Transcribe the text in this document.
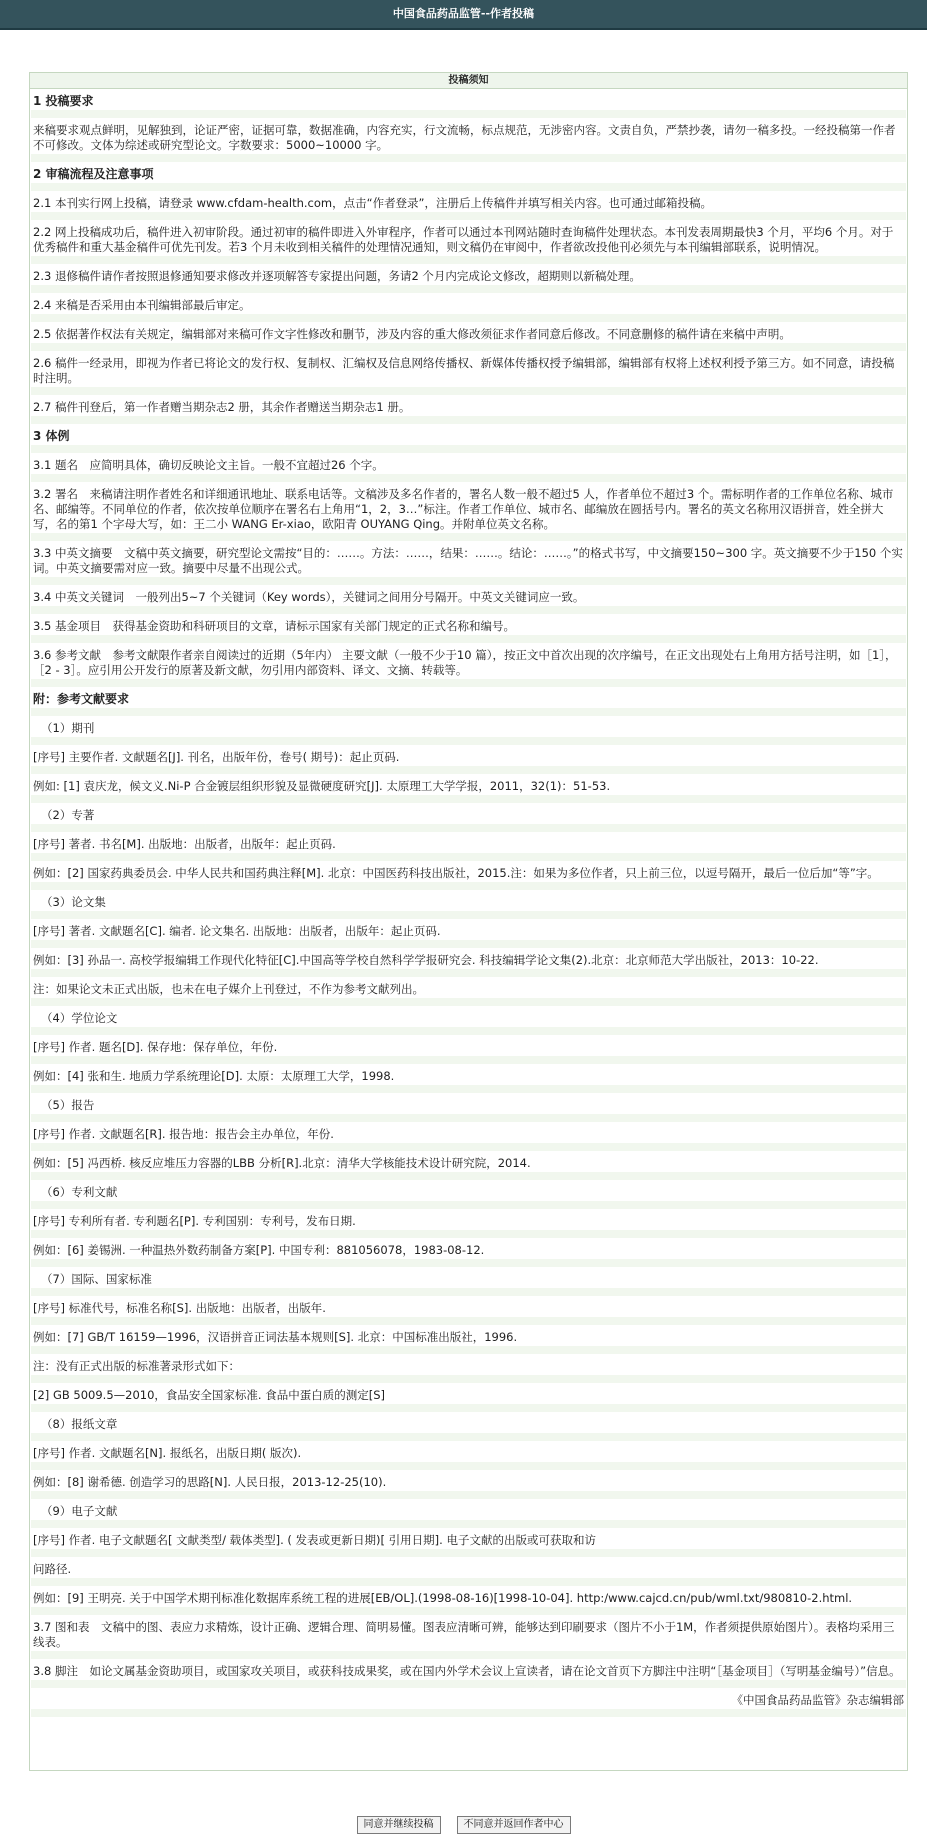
中国食品药品监管--作者投稿
投稿须知
1 投稿要求
来稿要求观点鲜明，见解独到，论证严密，证据可靠，数据准确，内容充实，行文流畅，标点规范，无涉密内容。文责自负，严禁抄袭，请勿一稿多投。一经投稿第一作者不可修改。文体为综述或研究型论文。字数要求：5000~10000 字。
2 审稿流程及注意事项
2.1 本刊实行网上投稿，请登录 www.cfdam-health.com，点击“作者登录”，注册后上传稿件并填写相关内容。也可通过邮箱投稿。
2.2 网上投稿成功后，稿件进入初审阶段。通过初审的稿件即进入外审程序，作者可以通过本刊网站随时查询稿件处理状态。本刊发表周期最快3 个月，平均6 个月。对于优秀稿件和重大基金稿件可优先刊发。若3 个月未收到相关稿件的处理情况通知，则文稿仍在审阅中，作者欲改投他刊必须先与本刊编辑部联系，说明情况。
2.3 退修稿件请作者按照退修通知要求修改并逐项解答专家提出问题，务请2 个月内完成论文修改，超期则以新稿处理。
2.4 来稿是否采用由本刊编辑部最后审定。
2.5 依据著作权法有关规定，编辑部对来稿可作文字性修改和删节，涉及内容的重大修改须征求作者同意后修改。不同意删修的稿件请在来稿中声明。
2.6 稿件一经录用，即视为作者已将论文的发行权、复制权、汇编权及信息网络传播权、新媒体传播权授予编辑部，编辑部有权将上述权利授予第三方。如不同意，请投稿时注明。
2.7 稿件刊登后，第一作者赠当期杂志2 册，其余作者赠送当期杂志1 册。
3 体例
3.1 题名　应简明具体，确切反映论文主旨。一般不宜超过26 个字。
3.2 署名　来稿请注明作者姓名和详细通讯地址、联系电话等。文稿涉及多名作者的，署名人数一般不超过5 人，作者单位不超过3 个。需标明作者的工作单位名称、城市名、邮编等。不同单位的作者，依次按单位顺序在署名右上角用“1，2，3…”标注。作者工作单位、城市名、邮编放在圆括号内。署名的英文名称用汉语拼音，姓全拼大写，名的第1 个字母大写，如：王二小 WANG Er-xiao，欧阳青 OUYANG Qing。并附单位英文名称。
3.3 中英文摘要　文稿中英文摘要，研究型论文需按“目的：……。方法：……，结果：……。结论：……。”的格式书写，中文摘要150~300 字。英文摘要不少于150 个实词。中英文摘要需对应一致。摘要中尽量不出现公式。
3.4 中英文关键词　一般列出5~7 个关键词（Key words），关键词之间用分号隔开。中英文关键词应一致。
3.5 基金项目　获得基金资助和科研项目的文章，请标示国家有关部门规定的正式名称和编号。
3.6 参考文献　参考文献限作者亲自阅读过的近期（5年内） 主要文献（一般不少于10 篇），按正文中首次出现的次序编号，在正文出现处右上角用方括号注明，如［1］，［2 - 3］。应引用公开发行的原著及新文献，勿引用内部资料、译文、文摘、转载等。
附：参考文献要求
（1）期刊
[序号] 主要作者. 文献题名[J]. 刊名，出版年份，卷号( 期号)：起止页码.
例如: [1] 袁庆龙，候文义.Ni-P 合金镀层组织形貌及显微硬度研究[J]. 太原理工大学学报，2011，32(1)：51-53.
（2）专著
[序号] 著者. 书名[M]. 出版地：出版者，出版年：起止页码.
例如：[2] 国家药典委员会. 中华人民共和国药典注释[M]. 北京：中国医药科技出版社，2015.注：如果为多位作者，只上前三位，以逗号隔开，最后一位后加“等”字。
（3）论文集
[序号] 著者. 文献题名[C]. 编者. 论文集名. 出版地：出版者，出版年：起止页码.
例如：[3] 孙品一. 高校学报编辑工作现代化特征[C].中国高等学校自然科学学报研究会. 科技编辑学论文集(2).北京：北京师范大学出版社，2013：10-22.
注：如果论文未正式出版，也未在电子媒介上刊登过，不作为参考文献列出。
（4）学位论文
[序号] 作者. 题名[D]. 保存地：保存单位，年份.
例如：[4] 张和生. 地质力学系统理论[D]. 太原：太原理工大学，1998.
（5）报告
[序号] 作者. 文献题名[R]. 报告地：报告会主办单位，年份.
例如：[5] 冯西桥. 核反应堆压力容器的LBB 分析[R].北京：清华大学核能技术设计研究院，2014.
（6）专利文献
[序号] 专利所有者. 专利题名[P]. 专利国别：专利号，发布日期.
例如：[6] 姜锡洲. 一种温热外数药制备方案[P]. 中国专利：881056078，1983-08-12.
（7）国际、国家标准
[序号] 标准代号，标准名称[S]. 出版地：出版者，出版年.
例如：[7] GB/T 16159—1996，汉语拼音正词法基本规则[S]. 北京：中国标准出版社，1996.
注：没有正式出版的标准著录形式如下：
[2] GB 5009.5—2010，食品安全国家标准. 食品中蛋白质的测定[S]
（8）报纸文章
[序号] 作者. 文献题名[N]. 报纸名，出版日期( 版次).
例如：[8] 谢希德. 创造学习的思路[N]. 人民日报，2013-12-25(10).
（9）电子文献
[序号] 作者. 电子文献题名[ 文献类型/ 载体类型]. ( 发表或更新日期)[ 引用日期]. 电子文献的出版或可获取和访
问路径.
例如：[9] 王明亮. 关于中国学术期刊标准化数据库系统工程的进展[EB/OL].(1998-08-16)[1998-10-04]. http:/www.cajcd.cn/pub/wml.txt/980810-2.html.
3.7 图和表　文稿中的图、表应力求精炼，设计正确、逻辑合理、简明易懂。图表应清晰可辨，能够达到印刷要求（图片不小于1M，作者须提供原始图片）。表格均采用三线表。
3.8 脚注　如论文属基金资助项目，或国家攻关项目，或获科技成果奖，或在国内外学术会议上宣读者，请在论文首页下方脚注中注明“［基金项目］（写明基金编号）”信息。
《中国食品药品监管》杂志编辑部
同意并继续投稿	不同意并返回作者中心
